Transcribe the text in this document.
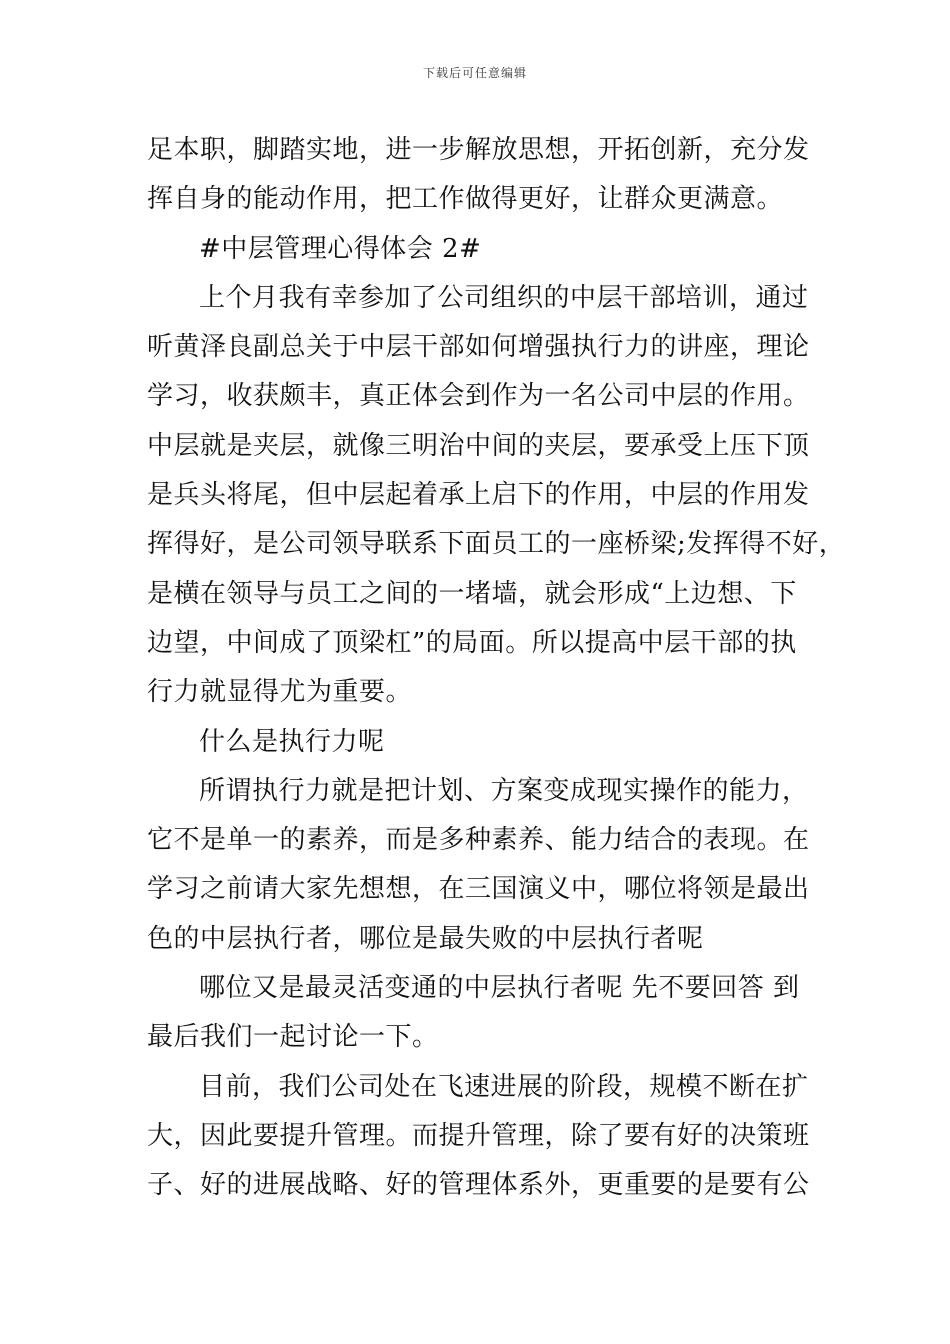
下载后可任意编辑
足本职，脚踏实地，进一步解放思想，开拓创新，充分发
挥自身的能动作用，把工作做得更好，让群众更满意。
#中层管理心得体会 2#
上个月我有幸参加了公司组织的中层干部培训，通过
听黄泽良副总关于中层干部如何增强执行力的讲座，理论
学习，收获颇丰，真正体会到作为一名公司中层的作用。
中层就是夹层，就像三明治中间的夹层，要承受上压下顶
是兵头将尾，但中层起着承上启下的作用，中层的作用发
挥得好，是公司领导联系下面员工的一座桥梁;发挥得不好，
是横在领导与员工之间的一堵墙，就会形成“上边想、下
边望，中间成了顶梁杠”的局面。所以提高中层干部的执
行力就显得尤为重要。
什么是执行力呢
所谓执行力就是把计划、方案变成现实操作的能力，
它不是单一的素养，而是多种素养、能力结合的表现。在
学习之前请大家先想想，在三国演义中，哪位将领是最出
色的中层执行者，哪位是最失败的中层执行者呢
哪位又是最灵活变通的中层执行者呢 先不要回答 到
最后我们一起讨论一下。
目前，我们公司处在飞速进展的阶段，规模不断在扩
大，因此要提升管理。而提升管理，除了要有好的决策班
子、好的进展战略、好的管理体系外，更重要的是要有公
